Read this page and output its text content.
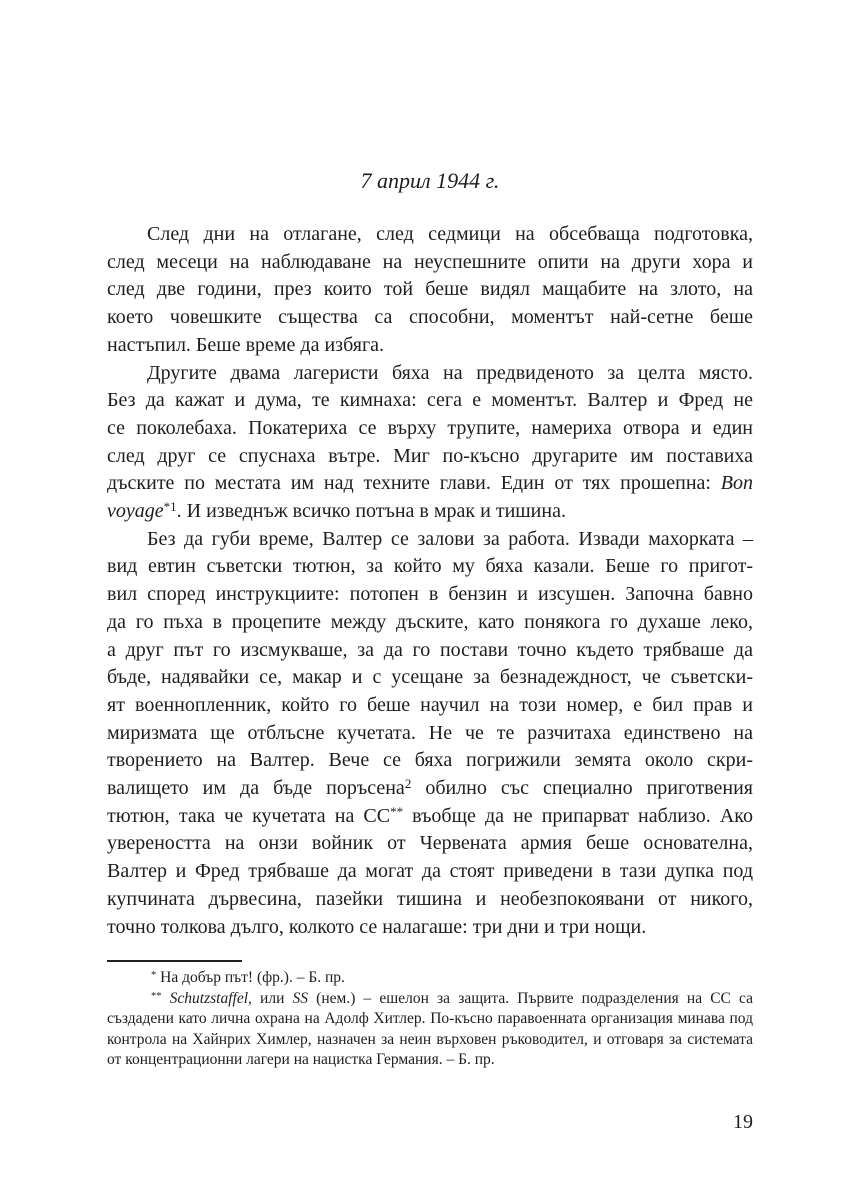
7 април 1944 г.
След дни на отлагане, след седмици на обсебваща подготовка,
след месеци на наблюдаване на неуспешните опити на други хора и
след две години, през които той беше видял мащабите на злото, на
което човешките същества са способни, моментът най-сетне беше
настъпил. Беше време да избяга.
Другите двама лагеристи бяха на предвиденото за целта място.
Без да кажат и дума, те кимнаха: сега е моментът. Валтер и Фред не
се поколебаха. Покатериха се върху трупите, намериха отвора и един
след друг се спуснаха вътре. Миг по-късно другарите им поставиха
дъските по местата им над техните глави. Един от тях прошепна: Bon
voyage$^{*1}$. И изведнъж всичко потъна в мрак и тишина.
Без да губи време, Валтер се залови за работа. Извади махорката –
вид евтин съветски тютюн, за който му бяха казали. Беше го пригот-
вил според инструкциите: потопен в бензин и изсушен. Започна бавно
да го пъха в процепите между дъските, като понякога го духаше леко,
а друг път го изсмукваше, за да го постави точно където трябваше да
бъде, надявайки се, макар и с усещане за безнадеждност, че съветски-
ят военнопленник, който го беше научил на този номер, е бил прав и
миризмата ще отблъсне кучетата. Не че те разчитаха единствено на
творението на Валтер. Вече се бяха погрижили земята около скри-
валището им да бъде поръсена$^2$ обилно със специално приготвения
тютюн, така че кучетата на СС** въобще да не припарват наблизо. Ако
увереността на онзи войник от Червената армия беше основателна,
Валтер и Фред трябваше да могат да стоят приведени в тази дупка под
купчината дървесина, пазейки тишина и необезпокоявани от никого,
точно толкова дълго, колкото се налагаше: три дни и три нощи.
* На добър път! (фр.). – Б. пр.
** Schutzstaffel, или SS (нем.) – ешелон за защита. Първите подразделения на СС са създадени като лична охрана на Адолф Хитлер. По-късно паравоенната организация минава под контрола на Хайнрих Химлер, назначен за неин върховен ръководител, и отговаря за системата от концентрационни лагери на нацистка Германия. – Б. пр.
19
